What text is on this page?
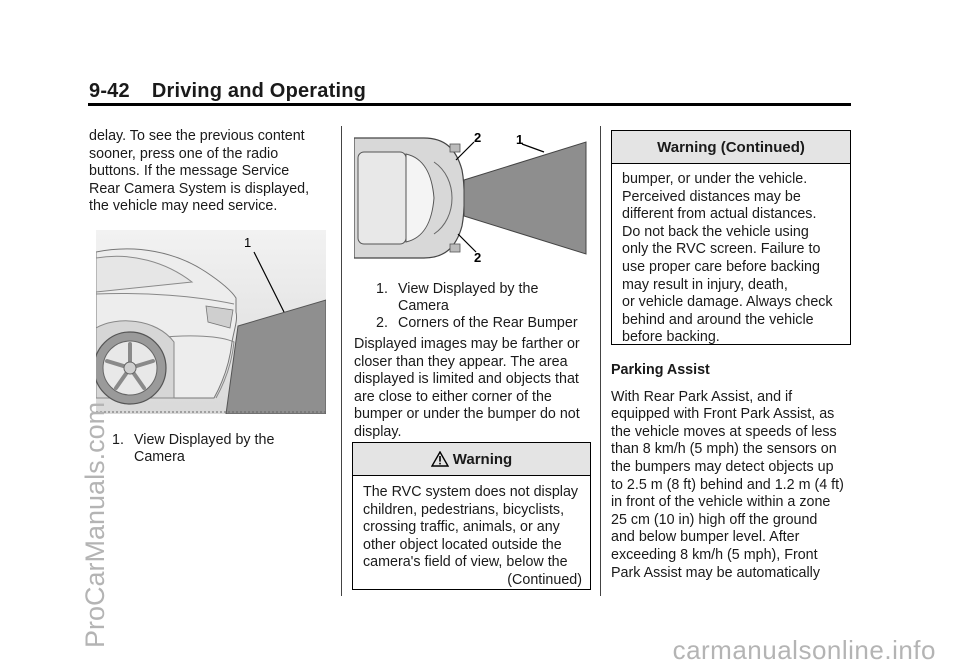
9-42 Driving and Operating

delay. To see the previous content
sooner, press one of the radio
buttons. If the message Service
Rear Camera System is displayed,
the vehicle may need service.

1
1. View Displayed by the Camera
2	1
2
1. View Displayed by the Camera
2. Corners of the Rear Bumper

Displayed images may be farther or
closer than they appear. The area
displayed is limited and objects that
are close to either corner of the
bumper or under the bumper do not
display.

Warning
The RVC system does not display
children, pedestrians, bicyclists,
crossing traffic, animals, or any
other object located outside the
camera's field of view, below the
(Continued)
Warning (Continued)
bumper, or under the vehicle.
Perceived distances may be
different from actual distances.
Do not back the vehicle using
only the RVC screen. Failure to
use proper care before backing
may result in injury, death,
or vehicle damage. Always check
behind and around the vehicle
before backing.

Parking Assist

With Rear Park Assist, and if
equipped with Front Park Assist, as
the vehicle moves at speeds of less
than 8 km/h (5 mph) the sensors on
the bumpers may detect objects up
to 2.5 m (8 ft) behind and 1.2 m (4 ft)
in front of the vehicle within a zone
25 cm (10 in) high off the ground
and below bumper level. After
exceeding 8 km/h (5 mph), Front
Park Assist may be automatically

ProCarManuals.com
carmanualsonline.info
